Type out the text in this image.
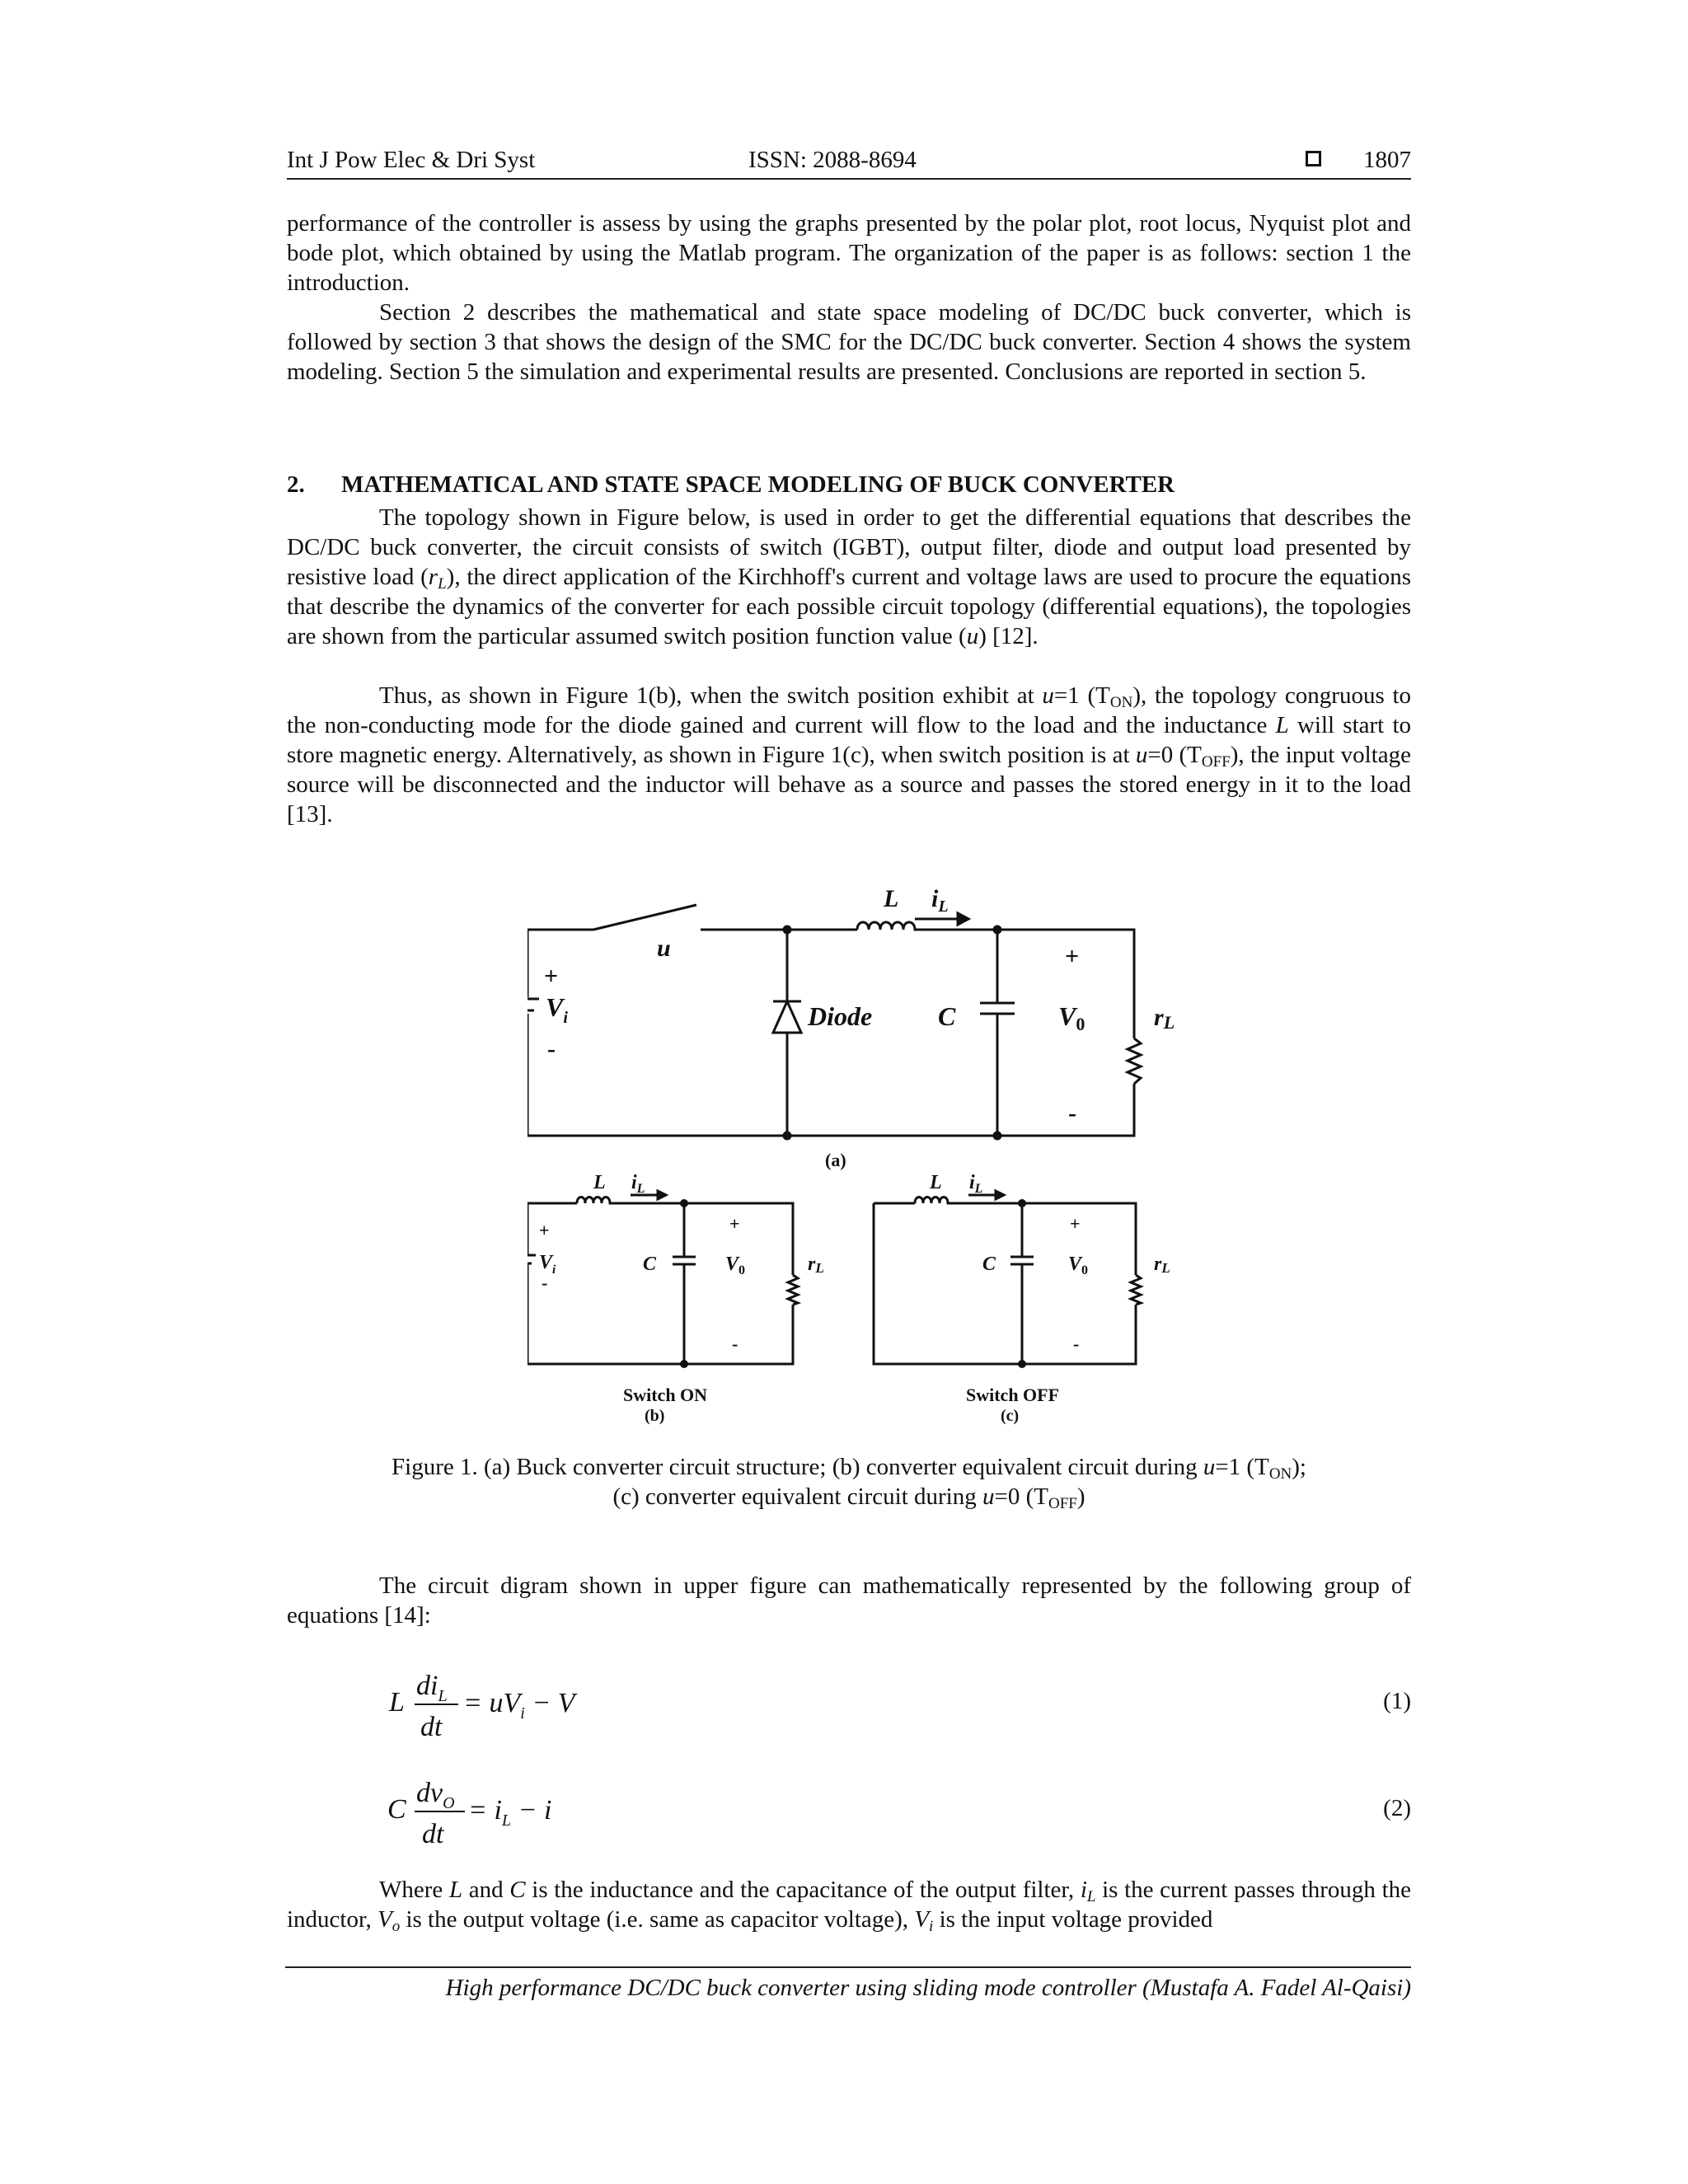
Int J Pow Elec & Dri Syst	ISSN: 2088-8694	1807

performance of the controller is assess by using the graphs presented by the polar plot, root locus, Nyquist plot and bode plot, which obtained by using the Matlab program. The organization of the paper is as follows: section 1 the introduction.

Section 2 describes the mathematical and state space modeling of DC/DC buck converter, which is followed by section 3 that shows the design of the SMC for the DC/DC buck converter. Section 4 shows the system modeling. Section 5 the simulation and experimental results are presented. Conclusions are reported in section 5.

2. MATHEMATICAL AND STATE SPACE MODELING OF BUCK CONVERTER

The topology shown in Figure below, is used in order to get the differential equations that describes the DC/DC buck converter, the circuit consists of switch (IGBT), output filter, diode and output load presented by resistive load $(r_L)$, the direct application of the Kirchhoff's current and voltage laws are used to procure the equations that describe the dynamics of the converter for each possible circuit topology (differential equations), the topologies are shown from the particular assumed switch position function value (u) [12].

Thus, as shown in Figure 1(b), when the switch position exhibit at u=1 $(T_{ON})$, the topology congruous to the non-conducting mode for the diode gained and current will flow to the load and the inductance L will start to store magnetic energy. Alternatively, as shown in Figure 1(c), when switch position is at u=0 $(T_{OFF})$, the input voltage source will be disconnected and the inductor will behave as a source and passes the stored energy in it to the load [13].

L $i_L$
u
+
-
$V_i$	Diode C
+
-
V0	rL
(a)
L $i_L$
+
-
$V_i$	C
+
-
$V_0$	rL
Switch ON
(b)
L $i_L$
C
+
-
$V_0$	rL
Switch OFF
(c)

Figure 1. (a) Buck converter circuit structure; (b) converter equivalent circuit during u=1 $(T_{ON})$;
(c) converter equivalent circuit during u=0 $(T_{OFF})$

The circuit digram shown in upper figure can mathematically represented by the following group of equations [14]:

L
$di_L$
dt
= $uV_i - V$	(1)
C
$dv_O$
dt
= $i_L - i$	(2)

Where L and C is the inductance and the capacitance of the output filter, $i_L$ is the current passes through the inductor, $V_o$ is the output voltage (i.e. same as capacitor voltage), $V_i$ is the input voltage provided

High performance DC/DC buck converter using sliding mode controller (Mustafa A. Fadel Al-Qaisi)
